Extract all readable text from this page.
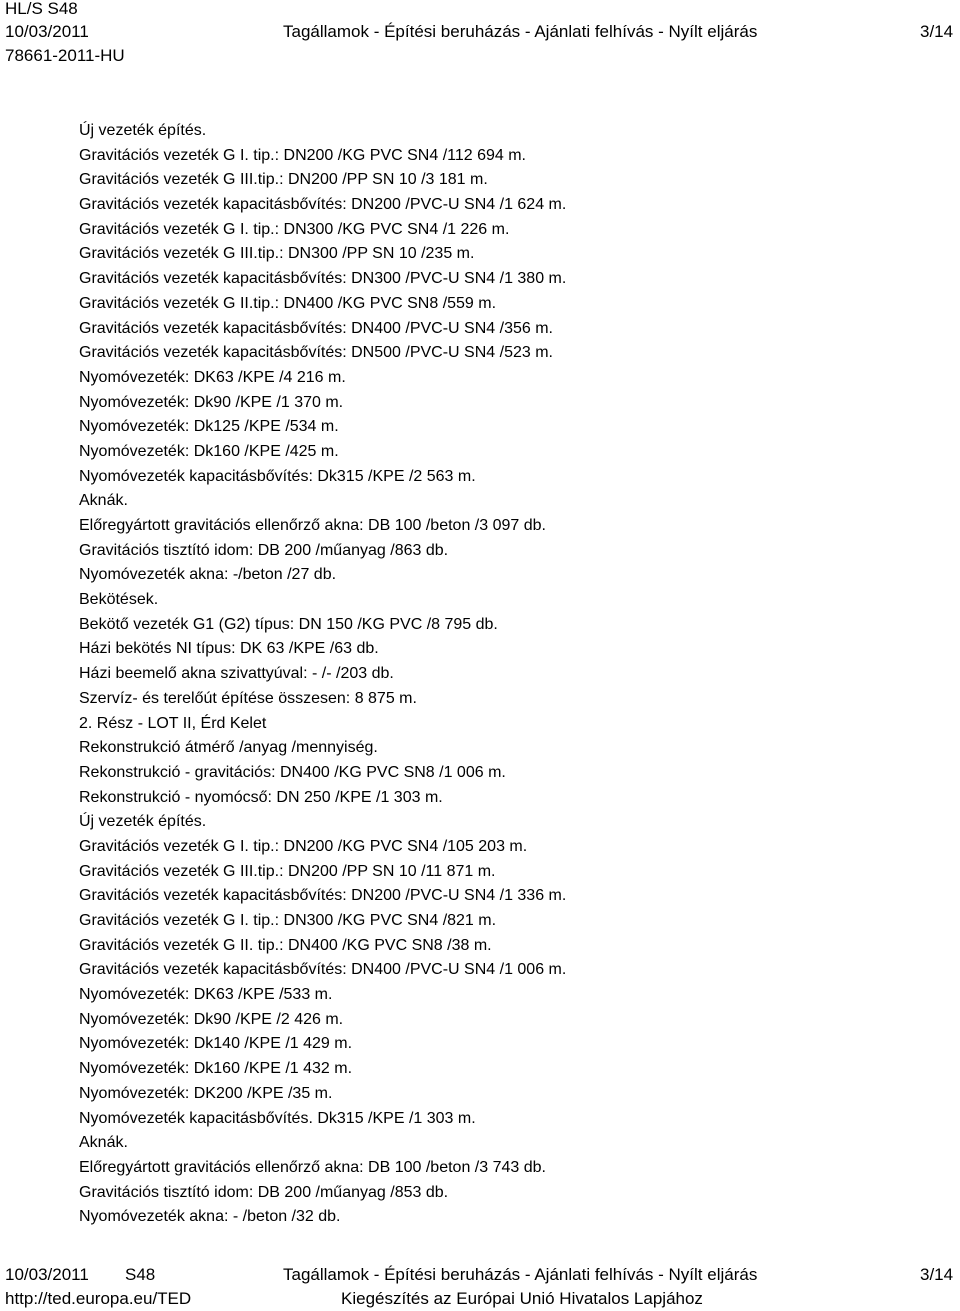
HL/S S48
10/03/2011	Tagállamok - Építési beruházás - Ajánlati felhívás - Nyílt eljárás	3/14
78661-2011-HU
Új vezeték építés.
Gravitációs vezeték G I. tip.: DN200 /KG PVC SN4 /112 694 m.
Gravitációs vezeték G III.tip.: DN200 /PP SN 10 /3 181 m.
Gravitációs vezeték kapacitásbővítés: DN200 /PVC-U SN4 /1 624 m.
Gravitációs vezeték G I. tip.: DN300 /KG PVC SN4 /1 226 m.
Gravitációs vezeték G III.tip.: DN300 /PP SN 10 /235 m.
Gravitációs vezeték kapacitásbővítés: DN300 /PVC-U SN4 /1 380 m.
Gravitációs vezeték G II.tip.: DN400 /KG PVC SN8 /559 m.
Gravitációs vezeték kapacitásbővítés: DN400 /PVC-U SN4 /356 m.
Gravitációs vezeték kapacitásbővítés: DN500 /PVC-U SN4 /523 m.
Nyomóvezeték: DK63 /KPE /4 216 m.
Nyomóvezeték: Dk90 /KPE /1 370 m.
Nyomóvezeték: Dk125 /KPE /534 m.
Nyomóvezeték: Dk160 /KPE /425 m.
Nyomóvezeték kapacitásbővítés: Dk315 /KPE /2 563 m.
Aknák.
Előregyártott gravitációs ellenőrző akna: DB 100 /beton /3 097 db.
Gravitációs tisztító idom: DB 200 /műanyag /863 db.
Nyomóvezeték akna: -/beton /27 db.
Bekötések.
Bekötő vezeték G1 (G2) típus: DN 150 /KG PVC /8 795 db.
Házi bekötés NI típus: DK 63 /KPE /63 db.
Házi beemelő akna szivattyúval: - /- /203 db.
Szervíz- és terelőút építése összesen: 8 875 m.
2. Rész - LOT II, Érd Kelet
Rekonstrukció átmérő /anyag /mennyiség.
Rekonstrukció - gravitációs: DN400 /KG PVC SN8 /1 006 m.
Rekonstrukció - nyomócső: DN 250 /KPE /1 303 m.
Új vezeték építés.
Gravitációs vezeték G I. tip.: DN200 /KG PVC SN4 /105 203 m.
Gravitációs vezeték G III.tip.: DN200 /PP SN 10 /11 871 m.
Gravitációs vezeték kapacitásbővítés: DN200 /PVC-U SN4 /1 336 m.
Gravitációs vezeték G I. tip.: DN300 /KG PVC SN4 /821 m.
Gravitációs vezeték G II. tip.: DN400 /KG PVC SN8 /38 m.
Gravitációs vezeték kapacitásbővítés: DN400 /PVC-U SN4 /1 006 m.
Nyomóvezeték: DK63 /KPE /533 m.
Nyomóvezeték: Dk90 /KPE /2 426 m.
Nyomóvezeték: Dk140 /KPE /1 429 m.
Nyomóvezeték: Dk160 /KPE /1 432 m.
Nyomóvezeték: DK200 /KPE /35 m.
Nyomóvezeték kapacitásbővítés. Dk315 /KPE /1 303 m.
Aknák.
Előregyártott gravitációs ellenőrző akna: DB 100 /beton /3 743 db.
Gravitációs tisztító idom: DB 200 /műanyag /853 db.
Nyomóvezeték akna: - /beton /32 db.
10/03/2011 S48	Tagállamok - Építési beruházás - Ajánlati felhívás - Nyílt eljárás	3/14
http://ted.europa.eu/TED	Kiegészítés az Európai Unió Hivatalos Lapjához
